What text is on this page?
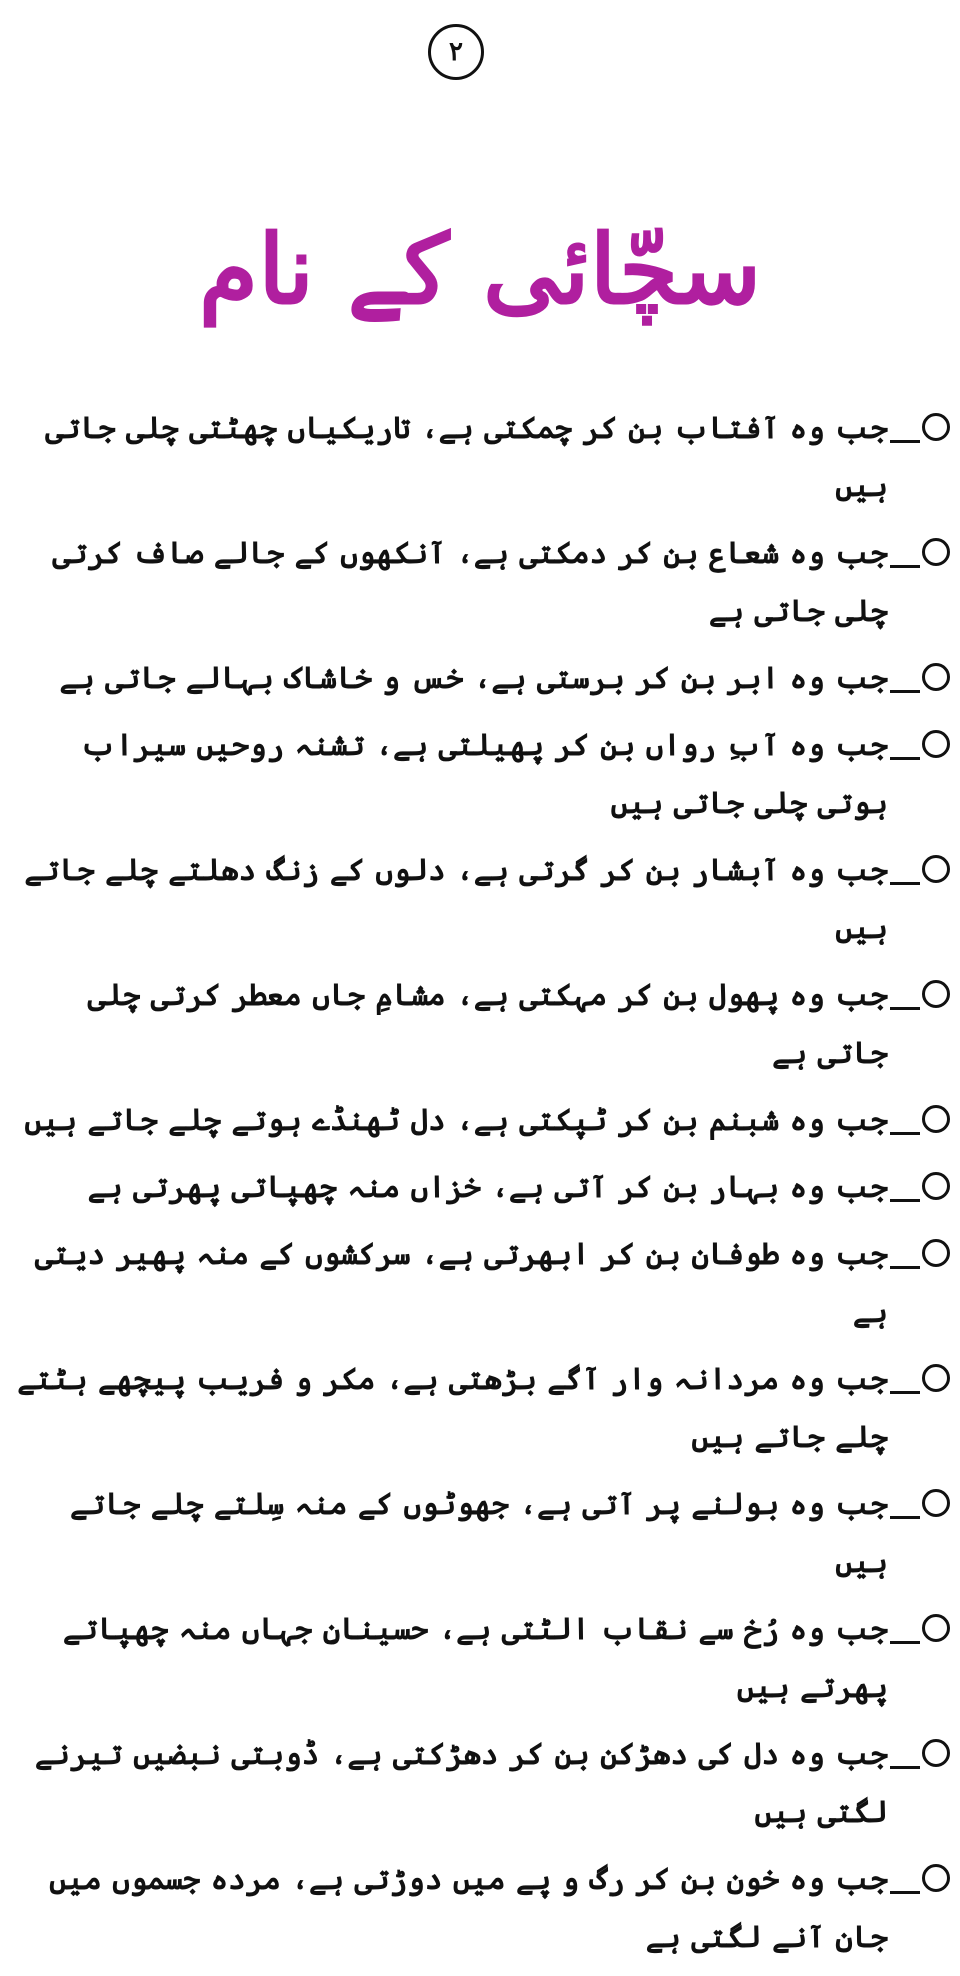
۲
سچّائی کے نام
جب وہ آفتاب بن کر چمکتی ہے، تاریکیاں چھٹتی چلی جاتی ہیں
جب وہ شعاع بن کر دمکتی ہے، آنکھوں کے جالے صاف کرتی چلی جاتی ہے
جب وہ ابر بن کر برستی ہے، خس و خاشاک بہالے جاتی ہے
جب وہ آبِ رواں بن کر پھیلتی ہے، تشنہ روحیں سیراب ہوتی چلی جاتی ہیں
جب وہ آبشار بن کر گرتی ہے، دلوں کے زنگ دھلتے چلے جاتے ہیں
جب وہ پھول بن کر مہکتی ہے، مشامِ جاں معطر کرتی چلی جاتی ہے
جب وہ شبنم بن کر ٹپکتی ہے، دل ٹھنڈے ہوتے چلے جاتے ہیں
جب وہ بہار بن کر آتی ہے، خزاں منہ چھپاتی پھرتی ہے
جب وہ طوفان بن کر ابھرتی ہے، سرکشوں کے منہ پھیر دیتی ہے
جب وہ مردانہ وار آگے بڑھتی ہے، مکر و فریب پیچھے ہٹتے چلے جاتے ہیں
جب وہ بولنے پر آتی ہے، جھوٹوں کے منہ سِلتے چلے جاتے ہیں
جب وہ رُخ سے نقاب الٹتی ہے، حسینانِ جہاں منہ چھپاتے پھرتے ہیں
جب وہ دل کی دھڑکن بن کر دھڑکتی ہے، ڈوبتی نبضیں تیرنے لگتی ہیں
جب وہ خون بن کر رگ و پے میں دوڑتی ہے، مردہ جسموں میں جان آنے لگتی ہے
